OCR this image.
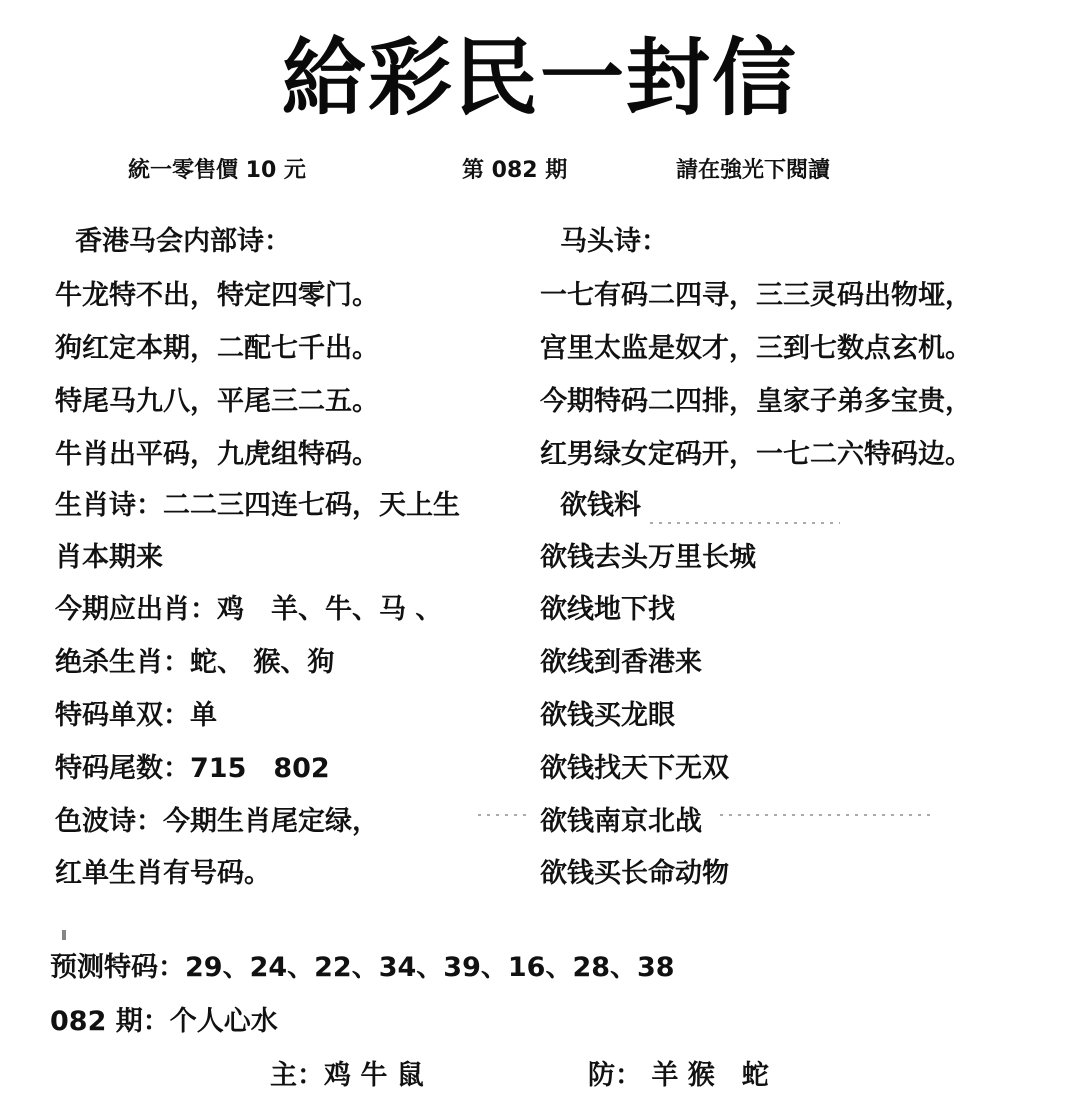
給彩民一封信
統一零售價 10 元	第 082 期	請在強光下閱讀
香港马会内部诗：
牛龙特不出，特定四零门。
狗红定本期，二配七千出。
特尾马九八，平尾三二五。
牛肖出平码，九虎组特码。
生肖诗：二二三四连七码，天上生
肖本期来
今期应出肖：鸡　羊、牛、马 、
绝杀生肖：蛇、 猴、狗
特码单双：单
特码尾数：715　802
色波诗：今期生肖尾定绿，
红单生肖有号码。
马头诗：
一七有码二四寻，三三灵码出物垭，
宫里太监是奴才，三到七数点玄机。
今期特码二四排，皇家子弟多宝贵，
红男绿女定码开，一七二六特码边。
欲钱料
欲钱去头万里长城
欲线地下找
欲线到香港来
欲钱买龙眼
欲钱找天下无双
欲钱南京北战
欲钱买长命动物
预测特码：29、24、22、34、39、16、28、38
082 期：个人心水
主：鸡 牛 鼠	防： 羊 猴　蛇
